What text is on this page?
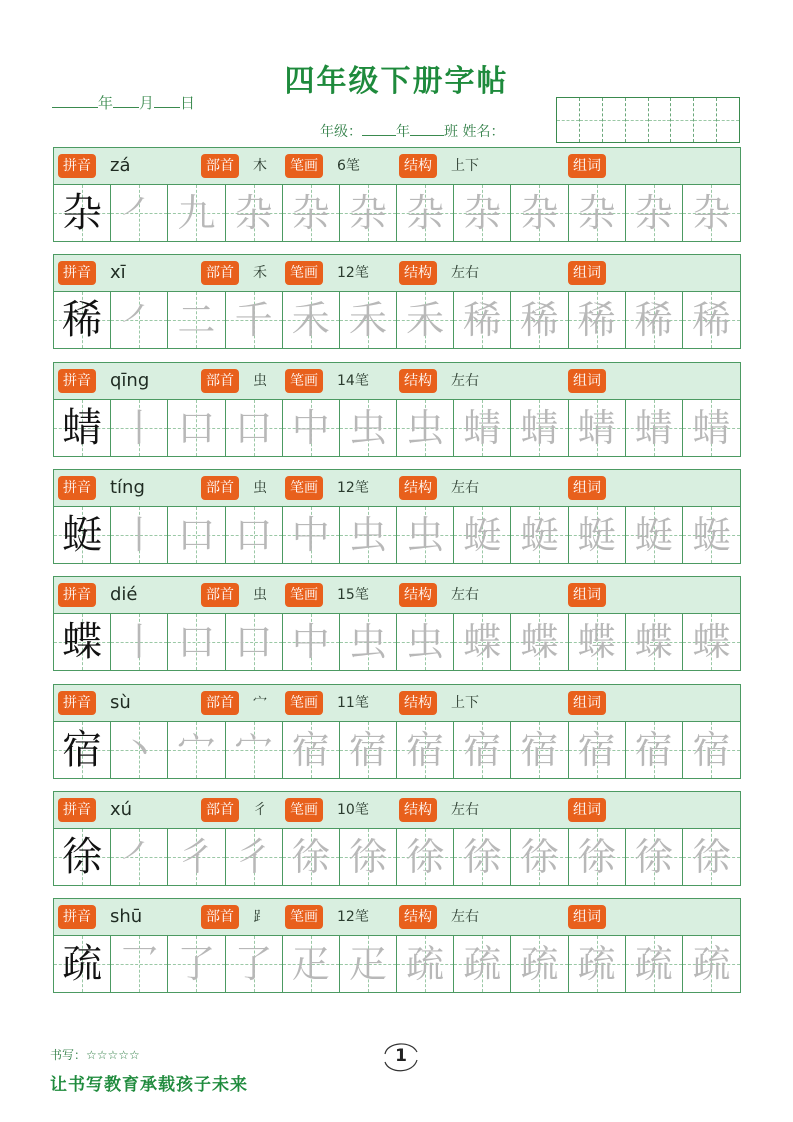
四年级下册字帖
年 月 日
年级： 年 班 姓名：
拼音 zá	部首	木	笔画	6笔	结构	上下	组词
杂 ㇒ 九 杂 杂 杂 杂 杂 杂 杂 杂 杂
拼音 xī	部首	禾	笔画	12笔	结构	左右	组词
稀 ㇒ 二 千 禾 禾 禾 稀 稀 稀 稀 稀
拼音 qīng	部首	虫	笔画	14笔	结构	左右	组词
蜻 丨 口 口 中 虫 虫 蜻 蜻 蜻 蜻 蜻
拼音 tíng	部首	虫	笔画	12笔	结构	左右	组词
蜓 丨 口 口 中 虫 虫 蜓 蜓 蜓 蜓 蜓
拼音 dié	部首	虫	笔画	15笔	结构	左右	组词
蝶 丨 口 口 中 虫 虫 蝶 蝶 蝶 蝶 蝶
拼音 sù	部首	宀	笔画	11笔	结构	上下	组词
宿 丶 宀 宀 宿 宿 宿 宿 宿 宿 宿 宿
拼音 xú	部首	彳	笔画	10笔	结构	左右	组词
徐 ㇒ 彳 彳 徐 徐 徐 徐 徐 徐 徐 徐
拼音 shū	部首	⻊	笔画	12笔	结构	左右	组词
疏 乛 了 了 疋 疋 疏 疏 疏 疏 疏 疏
书写：☆☆☆☆☆
让书写教育承载孩子未来
1
